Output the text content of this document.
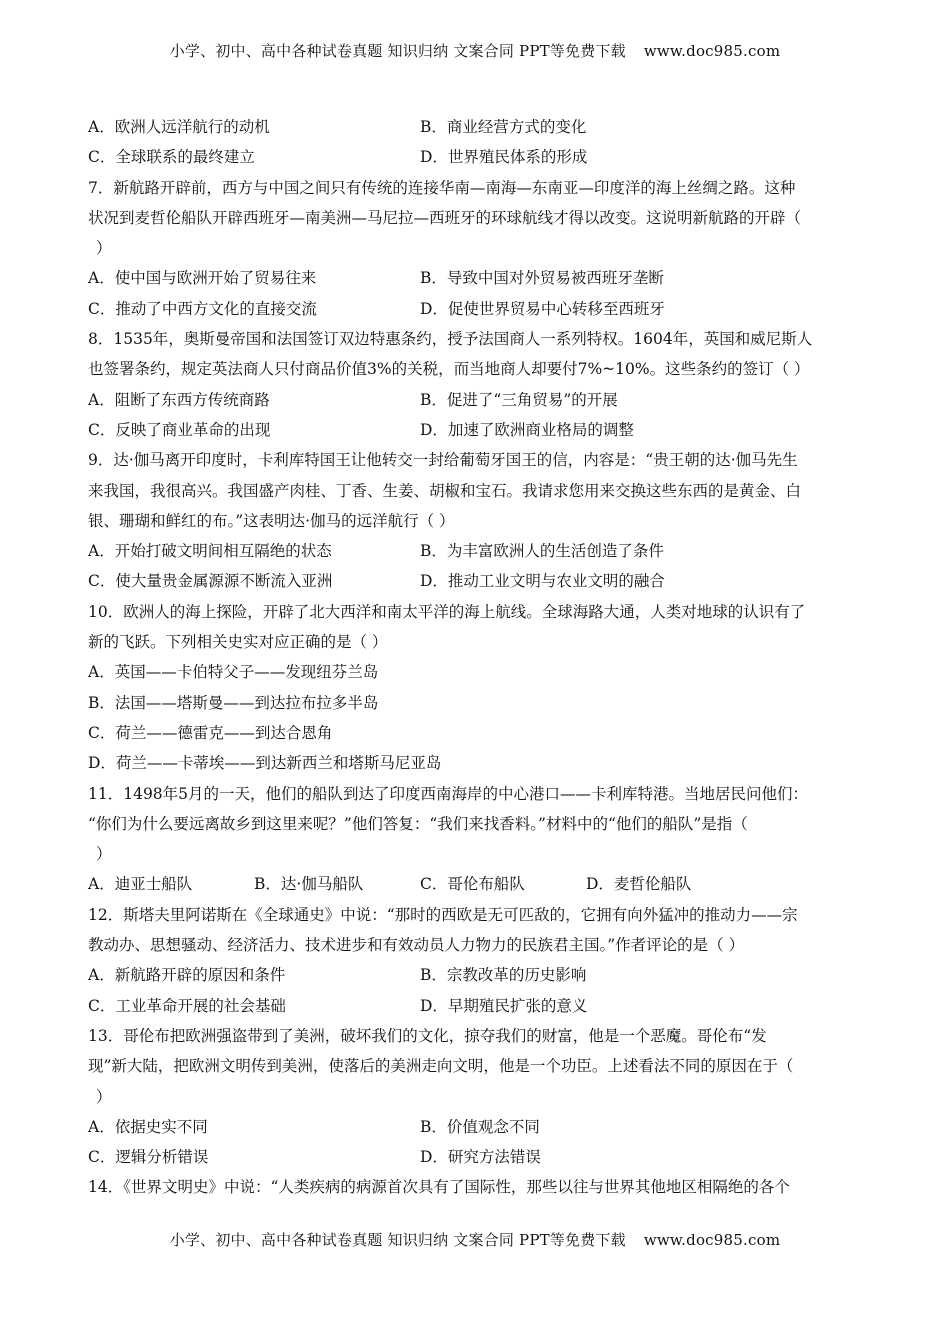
小学、初中、高中各种试卷真题 知识归纳 文案合同 PPT等免费下载 www.doc985.com
A．欧洲人远洋航行的动机	B．商业经营方式的变化
C．全球联系的最终建立	D．世界殖民体系的形成
7．新航路开辟前，西方与中国之间只有传统的连接华南—南海—东南亚—印度洋的海上丝绸之路。这种
状况到麦哲伦船队开辟西班牙—南美洲—马尼拉—西班牙的环球航线才得以改变。这说明新航路的开辟（
）
A．使中国与欧洲开始了贸易往来	B．导致中国对外贸易被西班牙垄断
C．推动了中西方文化的直接交流	D．促使世界贸易中心转移至西班牙
8．1535年，奥斯曼帝国和法国签订双边特惠条约，授予法国商人一系列特权。1604年，英国和威尼斯人
也签署条约，规定英法商人只付商品价值3%的关税，而当地商人却要付7%~10%。这些条约的签订（ ）
A．阻断了东西方传统商路	B．促进了“三角贸易”的开展
C．反映了商业革命的出现	D．加速了欧洲商业格局的调整
9．达·伽马离开印度时，卡利库特国王让他转交一封给葡萄牙国王的信，内容是：“贵王朝的达·伽马先生
来我国，我很高兴。我国盛产肉桂、丁香、生姜、胡椒和宝石。我请求您用来交换这些东西的是黄金、白
银、珊瑚和鲜红的布。”这表明达·伽马的远洋航行（ ）
A．开始打破文明间相互隔绝的状态	B．为丰富欧洲人的生活创造了条件
C．使大量贵金属源源不断流入亚洲	D．推动工业文明与农业文明的融合
10．欧洲人的海上探险，开辟了北大西洋和南太平洋的海上航线。全球海路大通，人类对地球的认识有了
新的飞跃。下列相关史实对应正确的是（ ）
A．英国——卡伯特父子——发现纽芬兰岛
B．法国——塔斯曼——到达拉布拉多半岛
C．荷兰——德雷克——到达合恩角
D．荷兰——卡蒂埃——到达新西兰和塔斯马尼亚岛
11．1498年5月的一天，他们的船队到达了印度西南海岸的中心港口——卡利库特港。当地居民问他们：
“你们为什么要远离故乡到这里来呢？”他们答复：“我们来找香料。”材料中的“他们的船队”是指（
）
A．迪亚士船队	B．达·伽马船队	C．哥伦布船队	D．麦哲伦船队
12．斯塔夫里阿诺斯在《全球通史》中说：“那时的西欧是无可匹敌的，它拥有向外猛冲的推动力——宗
教动办、思想骚动、经济活力、技术进步和有效动员人力物力的民族君主国。”作者评论的是（ ）
A．新航路开辟的原因和条件	B．宗教改革的历史影响
C．工业革命开展的社会基础	D．早期殖民扩张的意义
13．哥伦布把欧洲强盗带到了美洲，破坏我们的文化，掠夺我们的财富，他是一个恶魔。哥伦布“发
现”新大陆，把欧洲文明传到美洲，使落后的美洲走向文明，他是一个功臣。上述看法不同的原因在于（
）
A．依据史实不同	B．价值观念不同
C．逻辑分析错误	D．研究方法错误
14．《世界文明史》中说：“人类疾病的病源首次具有了国际性，那些以往与世界其他地区相隔绝的各个
小学、初中、高中各种试卷真题 知识归纳 文案合同 PPT等免费下载 www.doc985.com
